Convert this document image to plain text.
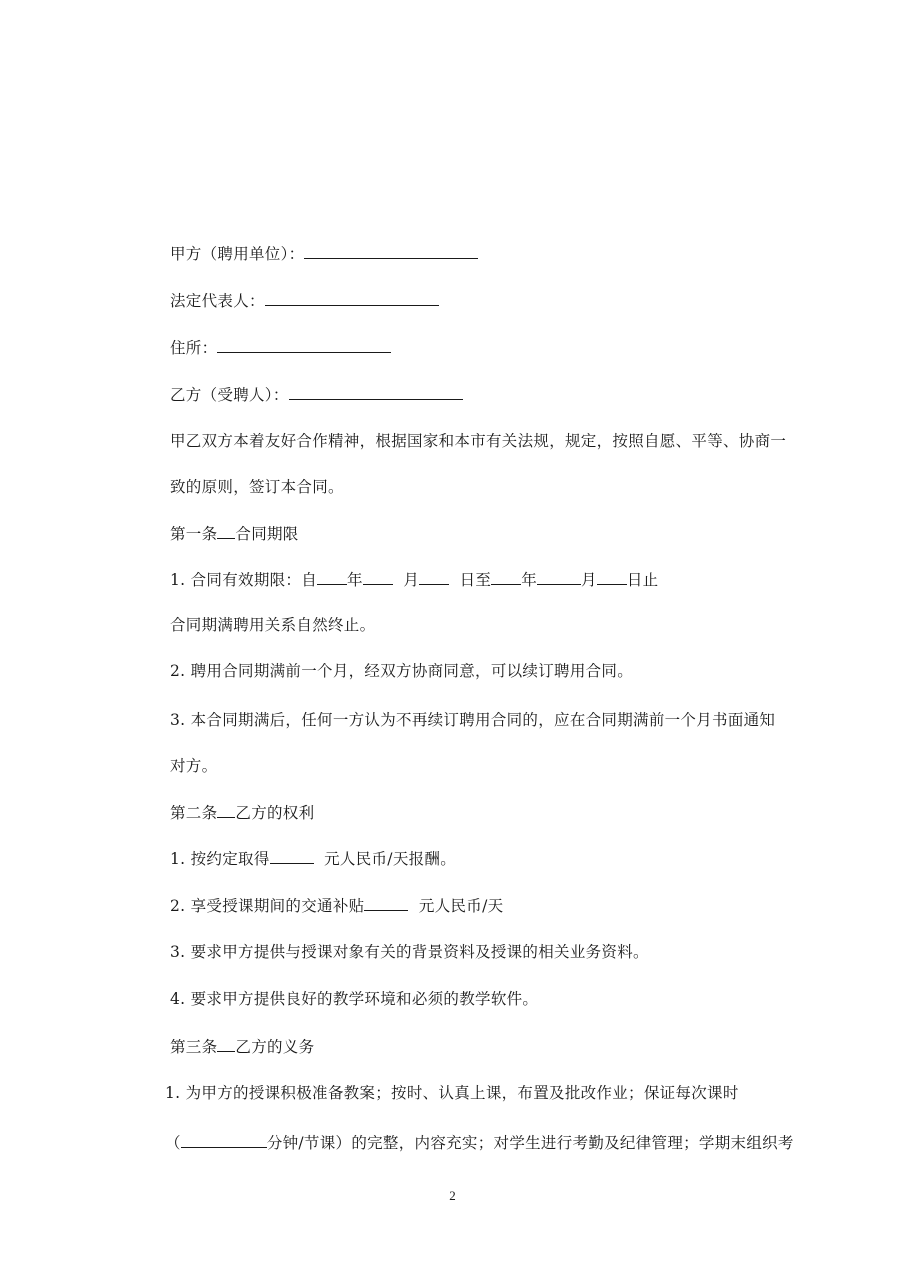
甲方（聘用单位）：
法定代表人：
住所：
乙方（受聘人）：
甲乙双方本着友好合作精神，根据国家和本市有关法规，规定，按照自愿、平等、协商一
致的原则，签订本合同。
第一条 合同期限
1. 合同有效期限：自 年	月	日至 年	月 日止
合同期满聘用关系自然终止。
2. 聘用合同期满前一个月，经双方协商同意，可以续订聘用合同。
3. 本合同期满后，任何一方认为不再续订聘用合同的，应在合同期满前一个月书面通知
对方。
第二条 乙方的权利
1. 按约定取得	元人民币/天报酬。
2. 享受授课期间的交通补贴	元人民币/天
3. 要求甲方提供与授课对象有关的背景资料及授课的相关业务资料。
4. 要求甲方提供良好的教学环境和必须的教学软件。
第三条 乙方的义务
1. 为甲方的授课积极准备教案；按时、认真上课，布置及批改作业；保证每次课时
（	分钟/节课）的完整，内容充实；对学生进行考勤及纪律管理；学期末组织考
2
